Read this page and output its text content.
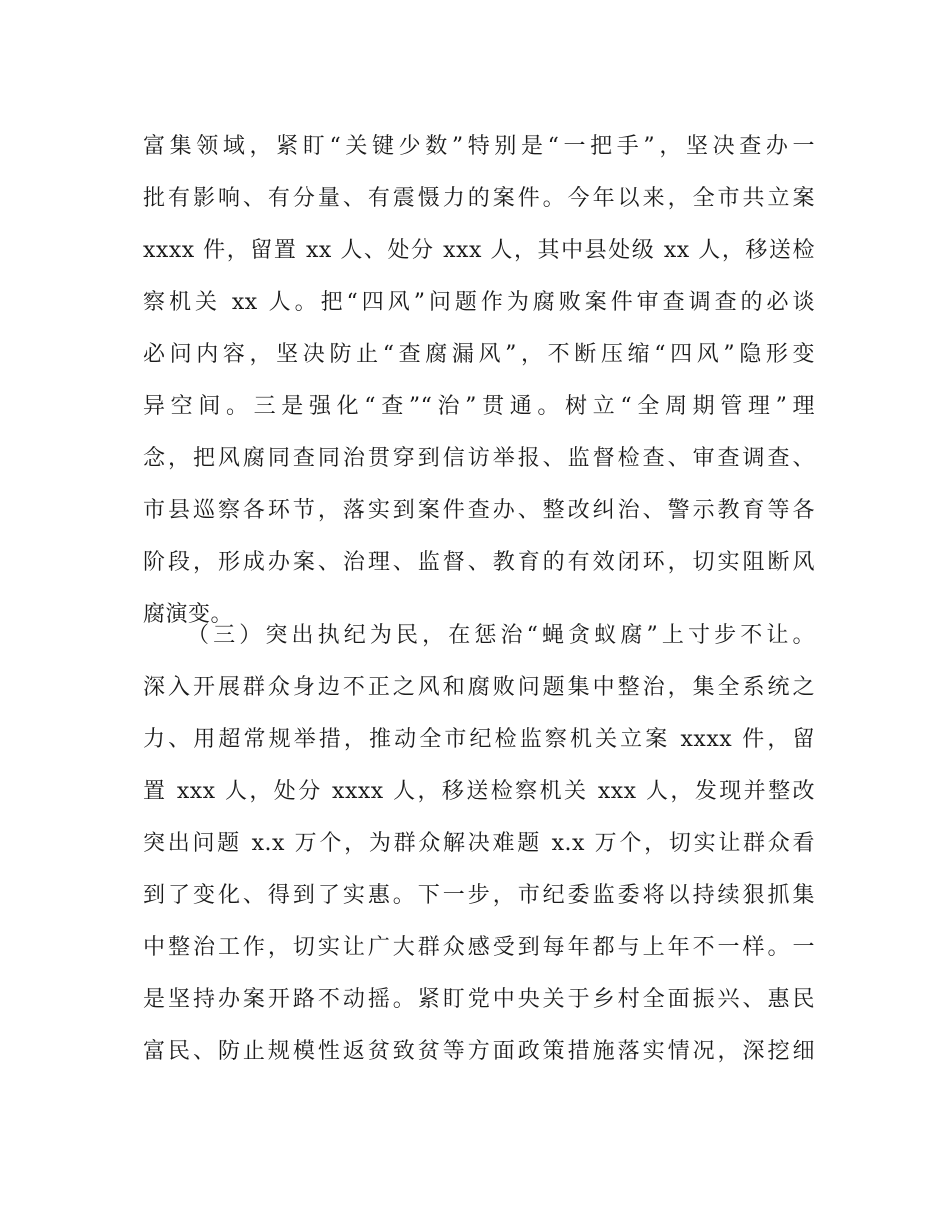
富集领域，紧盯“关键少数”特别是“一把手”，坚决查办一
批有影响、有分量、有震慑力的案件。今年以来，全市共立案
xxxx 件，留置 xx 人、处分 xxx 人，其中县处级 xx 人，移送检
察机关 xx 人。把“四风”问题作为腐败案件审查调查的必谈
必问内容，坚决防止“查腐漏风”，不断压缩“四风”隐形变
异空间。三是强化“查”“治”贯通。树立“全周期管理”理
念，把风腐同查同治贯穿到信访举报、监督检查、审查调查、
市县巡察各环节，落实到案件查办、整改纠治、警示教育等各
阶段，形成办案、治理、监督、教育的有效闭环，切实阻断风
腐演变。
（三）突出执纪为民，在惩治“蝇贪蚁腐”上寸步不让。
深入开展群众身边不正之风和腐败问题集中整治，集全系统之
力、用超常规举措，推动全市纪检监察机关立案 xxxx 件，留
置 xxx 人，处分 xxxx 人，移送检察机关 xxx 人，发现并整改
突出问题 x.x 万个，为群众解决难题 x.x 万个，切实让群众看
到了变化、得到了实惠。下一步，市纪委监委将以持续狠抓集
中整治工作，切实让广大群众感受到每年都与上年不一样。一
是坚持办案开路不动摇。紧盯党中央关于乡村全面振兴、惠民
富民、防止规模性返贫致贫等方面政策措施落实情况，深挖细
